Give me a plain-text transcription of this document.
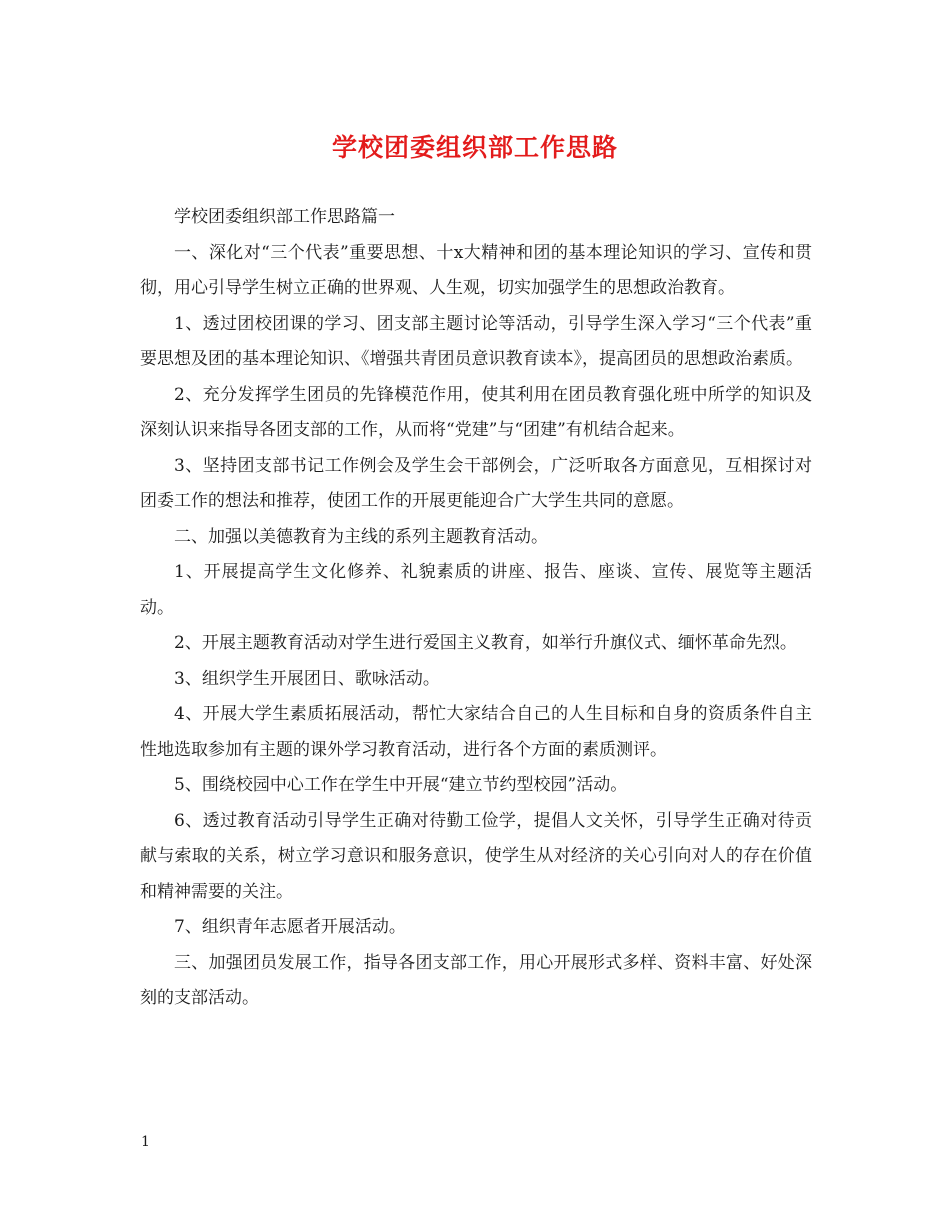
学校团委组织部工作思路

学校团委组织部工作思路篇一

一、深化对“三个代表”重要思想、十x大精神和团的基本理论知识的学习、宣传和贯彻，用心引导学生树立正确的世界观、人生观，切实加强学生的思想政治教育。

1、透过团校团课的学习、团支部主题讨论等活动，引导学生深入学习“三个代表”重要思想及团的基本理论知识、《增强共青团员意识教育读本》，提高团员的思想政治素质。

2、充分发挥学生团员的先锋模范作用，使其利用在团员教育强化班中所学的知识及深刻认识来指导各团支部的工作，从而将“党建”与“团建”有机结合起来。

3、坚持团支部书记工作例会及学生会干部例会，广泛听取各方面意见，互相探讨对团委工作的想法和推荐，使团工作的开展更能迎合广大学生共同的意愿。

二、加强以美德教育为主线的系列主题教育活动。

1、开展提高学生文化修养、礼貌素质的讲座、报告、座谈、宣传、展览等主题活动。

2、开展主题教育活动对学生进行爱国主义教育，如举行升旗仪式、缅怀革命先烈。

3、组织学生开展团日、歌咏活动。

4、开展大学生素质拓展活动，帮忙大家结合自己的人生目标和自身的资质条件自主性地选取参加有主题的课外学习教育活动，进行各个方面的素质测评。

5、围绕校园中心工作在学生中开展“建立节约型校园”活动。

6、透过教育活动引导学生正确对待勤工俭学，提倡人文关怀，引导学生正确对待贡献与索取的关系，树立学习意识和服务意识，使学生从对经济的关心引向对人的存在价值和精神需要的关注。

7、组织青年志愿者开展活动。

三、加强团员发展工作，指导各团支部工作，用心开展形式多样、资料丰富、好处深刻的支部活动。

1
